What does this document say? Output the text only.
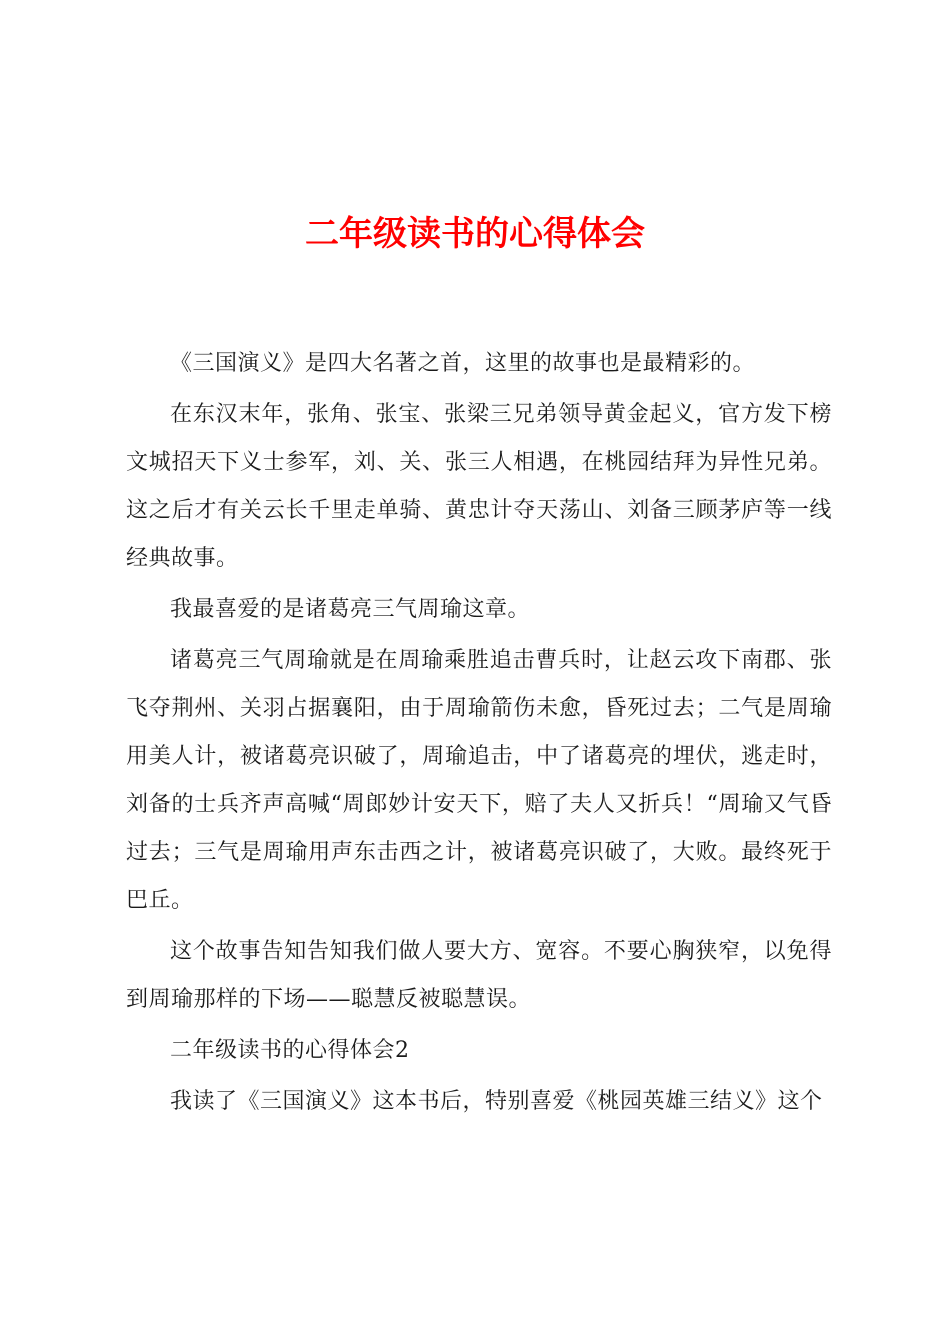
二年级读书的心得体会

《三国演义》是四大名著之首，这里的故事也是最精彩的。

在东汉末年，张角、张宝、张梁三兄弟领导黄金起义，官方发下榜文城招天下义士参军，刘、关、张三人相遇，在桃园结拜为异性兄弟。这之后才有关云长千里走单骑、黄忠计夺天荡山、刘备三顾茅庐等一线经典故事。

我最喜爱的是诸葛亮三气周瑜这章。

诸葛亮三气周瑜就是在周瑜乘胜追击曹兵时，让赵云攻下南郡、张飞夺荆州、关羽占据襄阳，由于周瑜箭伤未愈，昏死过去；二气是周瑜用美人计，被诸葛亮识破了，周瑜追击，中了诸葛亮的埋伏，逃走时，刘备的士兵齐声高喊“周郎妙计安天下，赔了夫人又折兵！“周瑜又气昏过去；三气是周瑜用声东击西之计，被诸葛亮识破了，大败。最终死于巴丘。

这个故事告知告知我们做人要大方、宽容。不要心胸狭窄，以免得到周瑜那样的下场——聪慧反被聪慧误。

二年级读书的心得体会2

我读了《三国演义》这本书后，特别喜爱《桃园英雄三结义》这个
